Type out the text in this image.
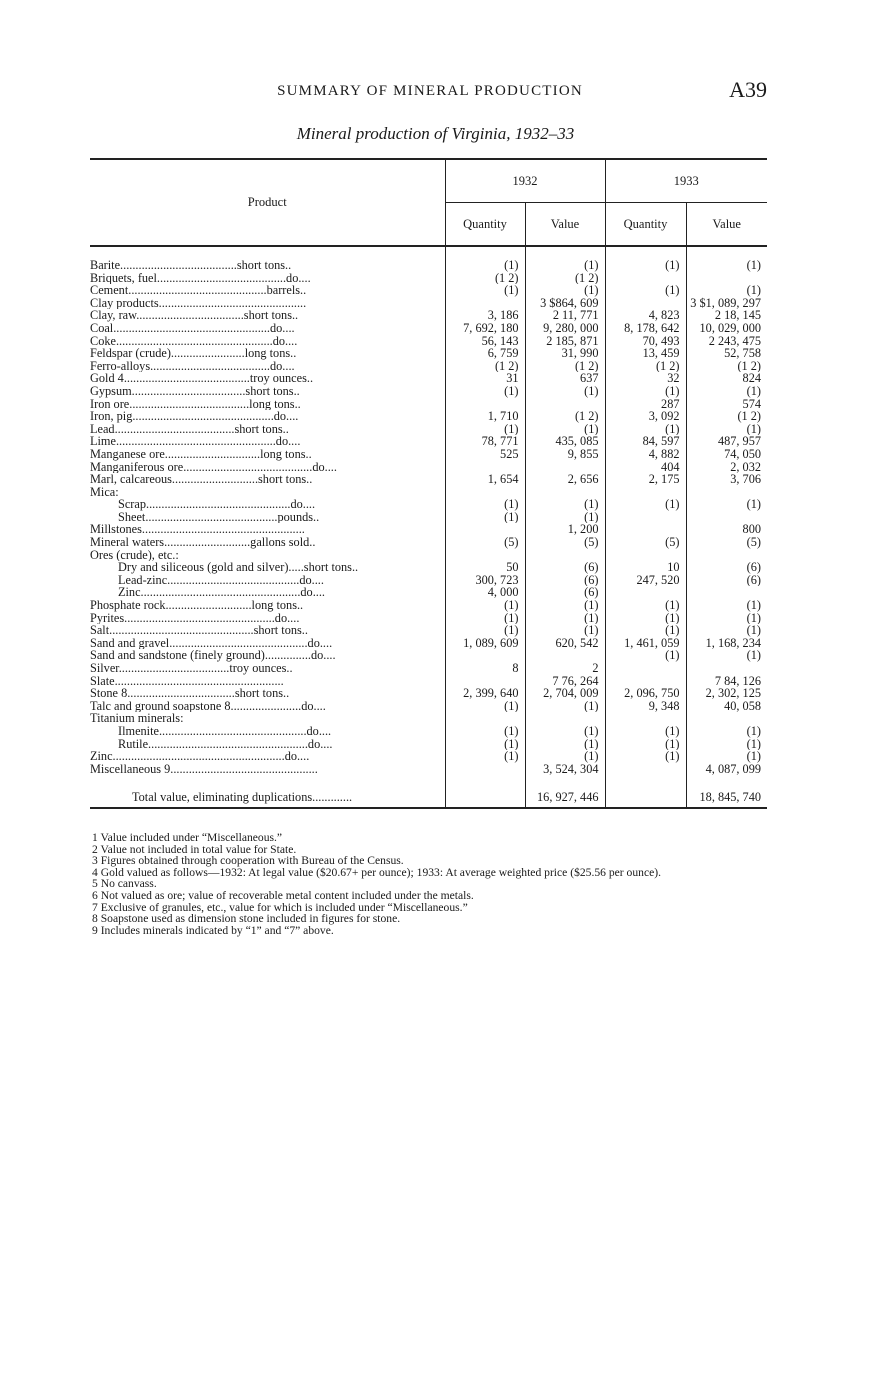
SUMMARY OF MINERAL PRODUCTION	A39
Mineral production of Virginia, 1932–33
Product	1932		1933	
	Quantity	Value	Quantity	Value

Barite......................................short tons..	(1)	(1)	(1)	(1)
Briquets, fuel..........................................do....	(1 2)	(1 2)		
Cement.............................................barrels..	(1)	(1)	(1)	(1)
Clay products................................................		3 $864, 609		3 $1, 089, 297
Clay, raw...................................short tons..	3, 186	2 11, 771	4, 823	2 18, 145
Coal...................................................do....	7, 692, 180	9, 280, 000	8, 178, 642	10, 029, 000
Coke...................................................do....	56, 143	2 185, 871	70, 493	2 243, 475
Feldspar (crude)........................long tons..	6, 759	31, 990	13, 459	52, 758
Ferro-alloys.......................................do....	(1 2)	(1 2)	(1 2)	(1 2)
Gold 4.........................................troy ounces..	31	637	32	824
Gypsum.....................................short tons..	(1)	(1)	(1)	(1)
Iron ore.......................................long tons..			287	574
Iron, pig..............................................do....	1, 710	(1 2)	3, 092	(1 2)
Lead.......................................short tons..	(1)	(1)	(1)	(1)
Lime....................................................do....	78, 771	435, 085	84, 597	487, 957
Manganese ore...............................long tons..	525	9, 855	4, 882	74, 050
Manganiferous ore..........................................do....			404	2, 032
Marl, calcareous............................short tons..	1, 654	2, 656	2, 175	3, 706
Mica:				
Scrap...............................................do....	(1)	(1)	(1)	(1)
Sheet...........................................pounds..	(1)	(1)		
Millstones.....................................................		1, 200		800
Mineral waters............................gallons sold..	(5)	(5)	(5)	(5)
Ores (crude), etc.:				
Dry and siliceous (gold and silver).....short tons..	50	(6)	10	(6)
Lead-zinc...........................................do....	300, 723	(6)	247, 520	(6)
Zinc....................................................do....	4, 000	(6)		
Phosphate rock............................long tons..	(1)	(1)	(1)	(1)
Pyrites.................................................do....	(1)	(1)	(1)	(1)
Salt...............................................short tons..	(1)	(1)	(1)	(1)
Sand and gravel.............................................do....	1, 089, 609	620, 542	1, 461, 059	1, 168, 234
Sand and sandstone (finely ground)...............do....			(1)	(1)
Silver....................................troy ounces..	8	2		
Slate.......................................................		7 76, 264		7 84, 126
Stone 8...................................short tons..	2, 399, 640	2, 704, 009	2, 096, 750	2, 302, 125
Talc and ground soapstone 8.......................do....	(1)	(1)	9, 348	40, 058
Titanium minerals:				
Ilmenite................................................do....	(1)	(1)	(1)	(1)
Rutile....................................................do....	(1)	(1)	(1)	(1)
Zinc........................................................do....	(1)	(1)	(1)	(1)
Miscellaneous 9................................................		3, 524, 304		4, 087, 099

Total value, eliminating duplications.............		16, 927, 446		18, 845, 740
1 Value included under “Miscellaneous.”
2 Value not included in total value for State.
3 Figures obtained through cooperation with Bureau of the Census.
4 Gold valued as follows—1932: At legal value ($20.67+ per ounce); 1933: At average weighted price ($25.56 per ounce).
5 No canvass.
6 Not valued as ore; value of recoverable metal content included under the metals.
7 Exclusive of granules, etc., value for which is included under “Miscellaneous.”
8 Soapstone used as dimension stone included in figures for stone.
9 Includes minerals indicated by “1” and “7” above.
